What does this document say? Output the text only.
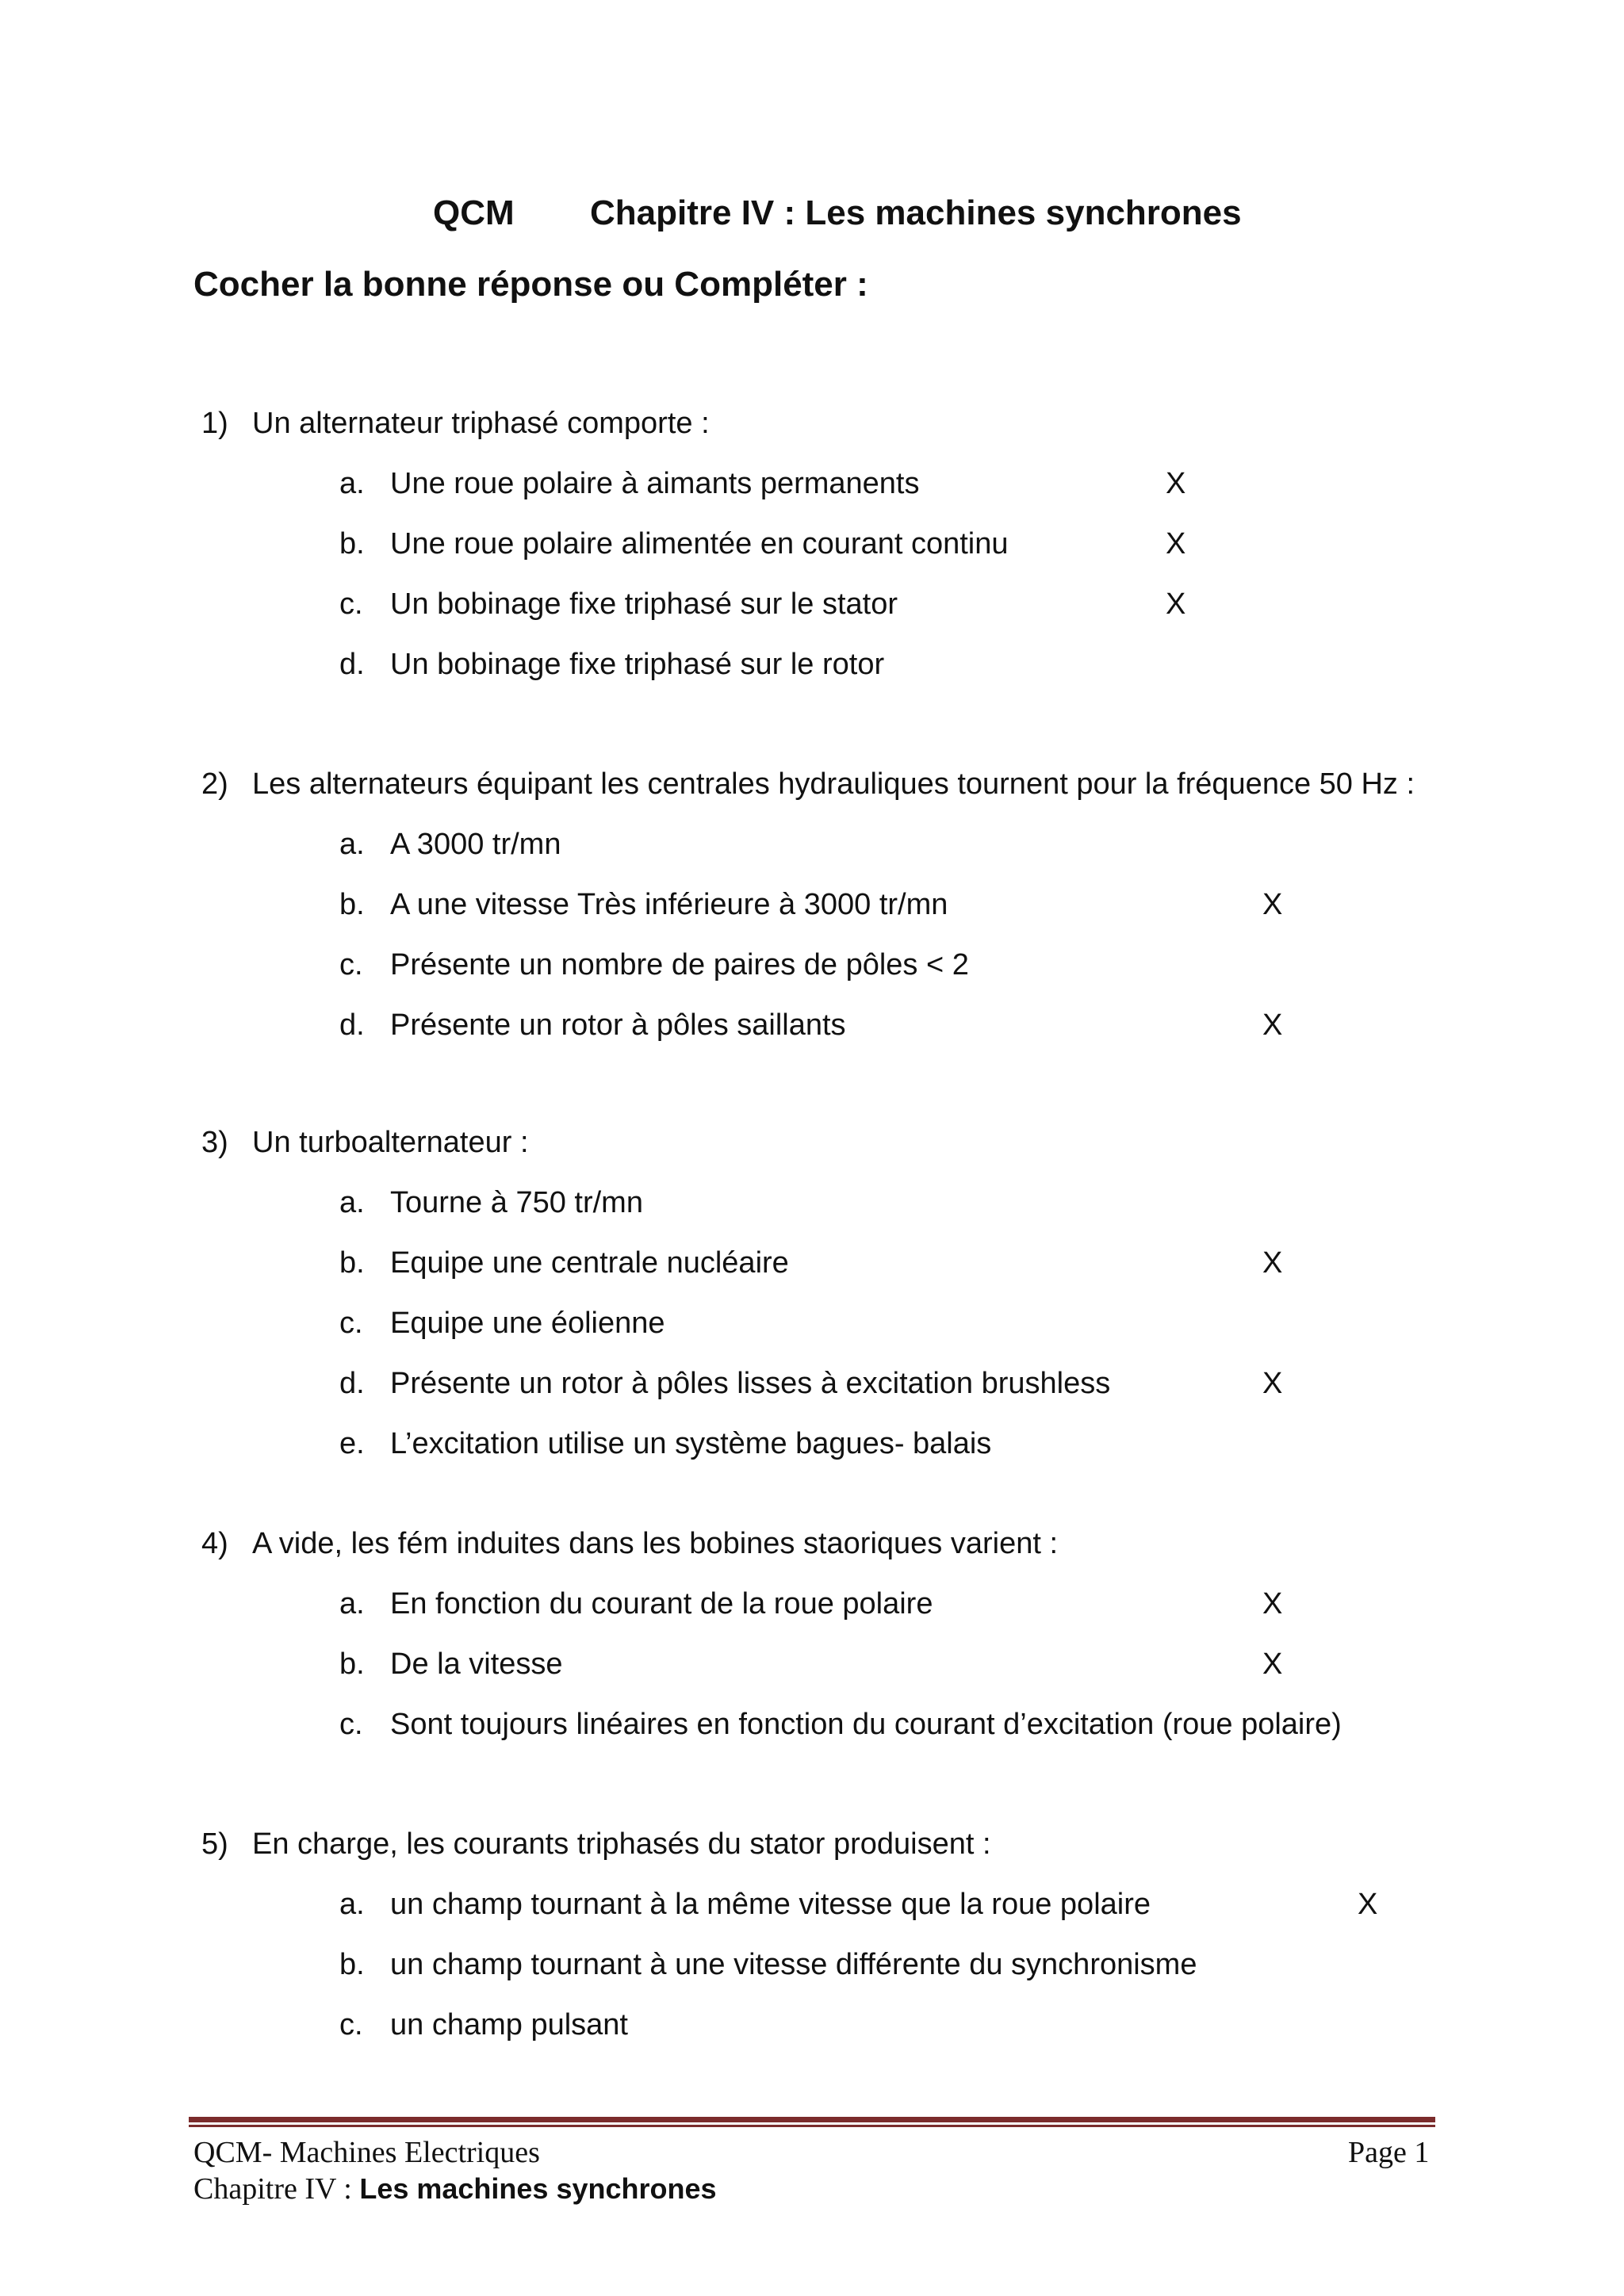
QCM Chapitre IV : Les machines synchrones
Cocher la bonne réponse ou Compléter :
1) Un alternateur triphasé comporte :
a. Une roue polaire à aimants permanents	X
b. Une roue polaire alimentée en courant continu	X
c. Un bobinage fixe triphasé sur le stator	X
d. Un bobinage fixe triphasé sur le rotor
2) Les alternateurs équipant les centrales hydrauliques tournent pour la fréquence 50 Hz :
a. A 3000 tr/mn
b. A une vitesse Très inférieure à 3000 tr/mn	X
c. Présente un nombre de paires de pôles < 2
d. Présente un rotor à pôles saillants	X
3) Un turboalternateur :
a. Tourne à 750 tr/mn
b. Equipe une centrale nucléaire	X
c. Equipe une éolienne
d. Présente un rotor à pôles lisses à excitation brushless	X
e. L’excitation utilise un système bagues- balais
4) A vide, les fém induites dans les bobines staoriques varient :
a. En fonction du courant de la roue polaire	X
b. De la vitesse	X
c. Sont toujours linéaires en fonction du courant d’excitation (roue polaire)
5) En charge, les courants triphasés du stator produisent :
a. un champ tournant à la même vitesse que la roue polaire	X
b. un champ tournant à une vitesse différente du synchronisme
c. un champ pulsant
QCM- Machines Electriques
Chapitre IV : Les machines synchrones
Page 1
